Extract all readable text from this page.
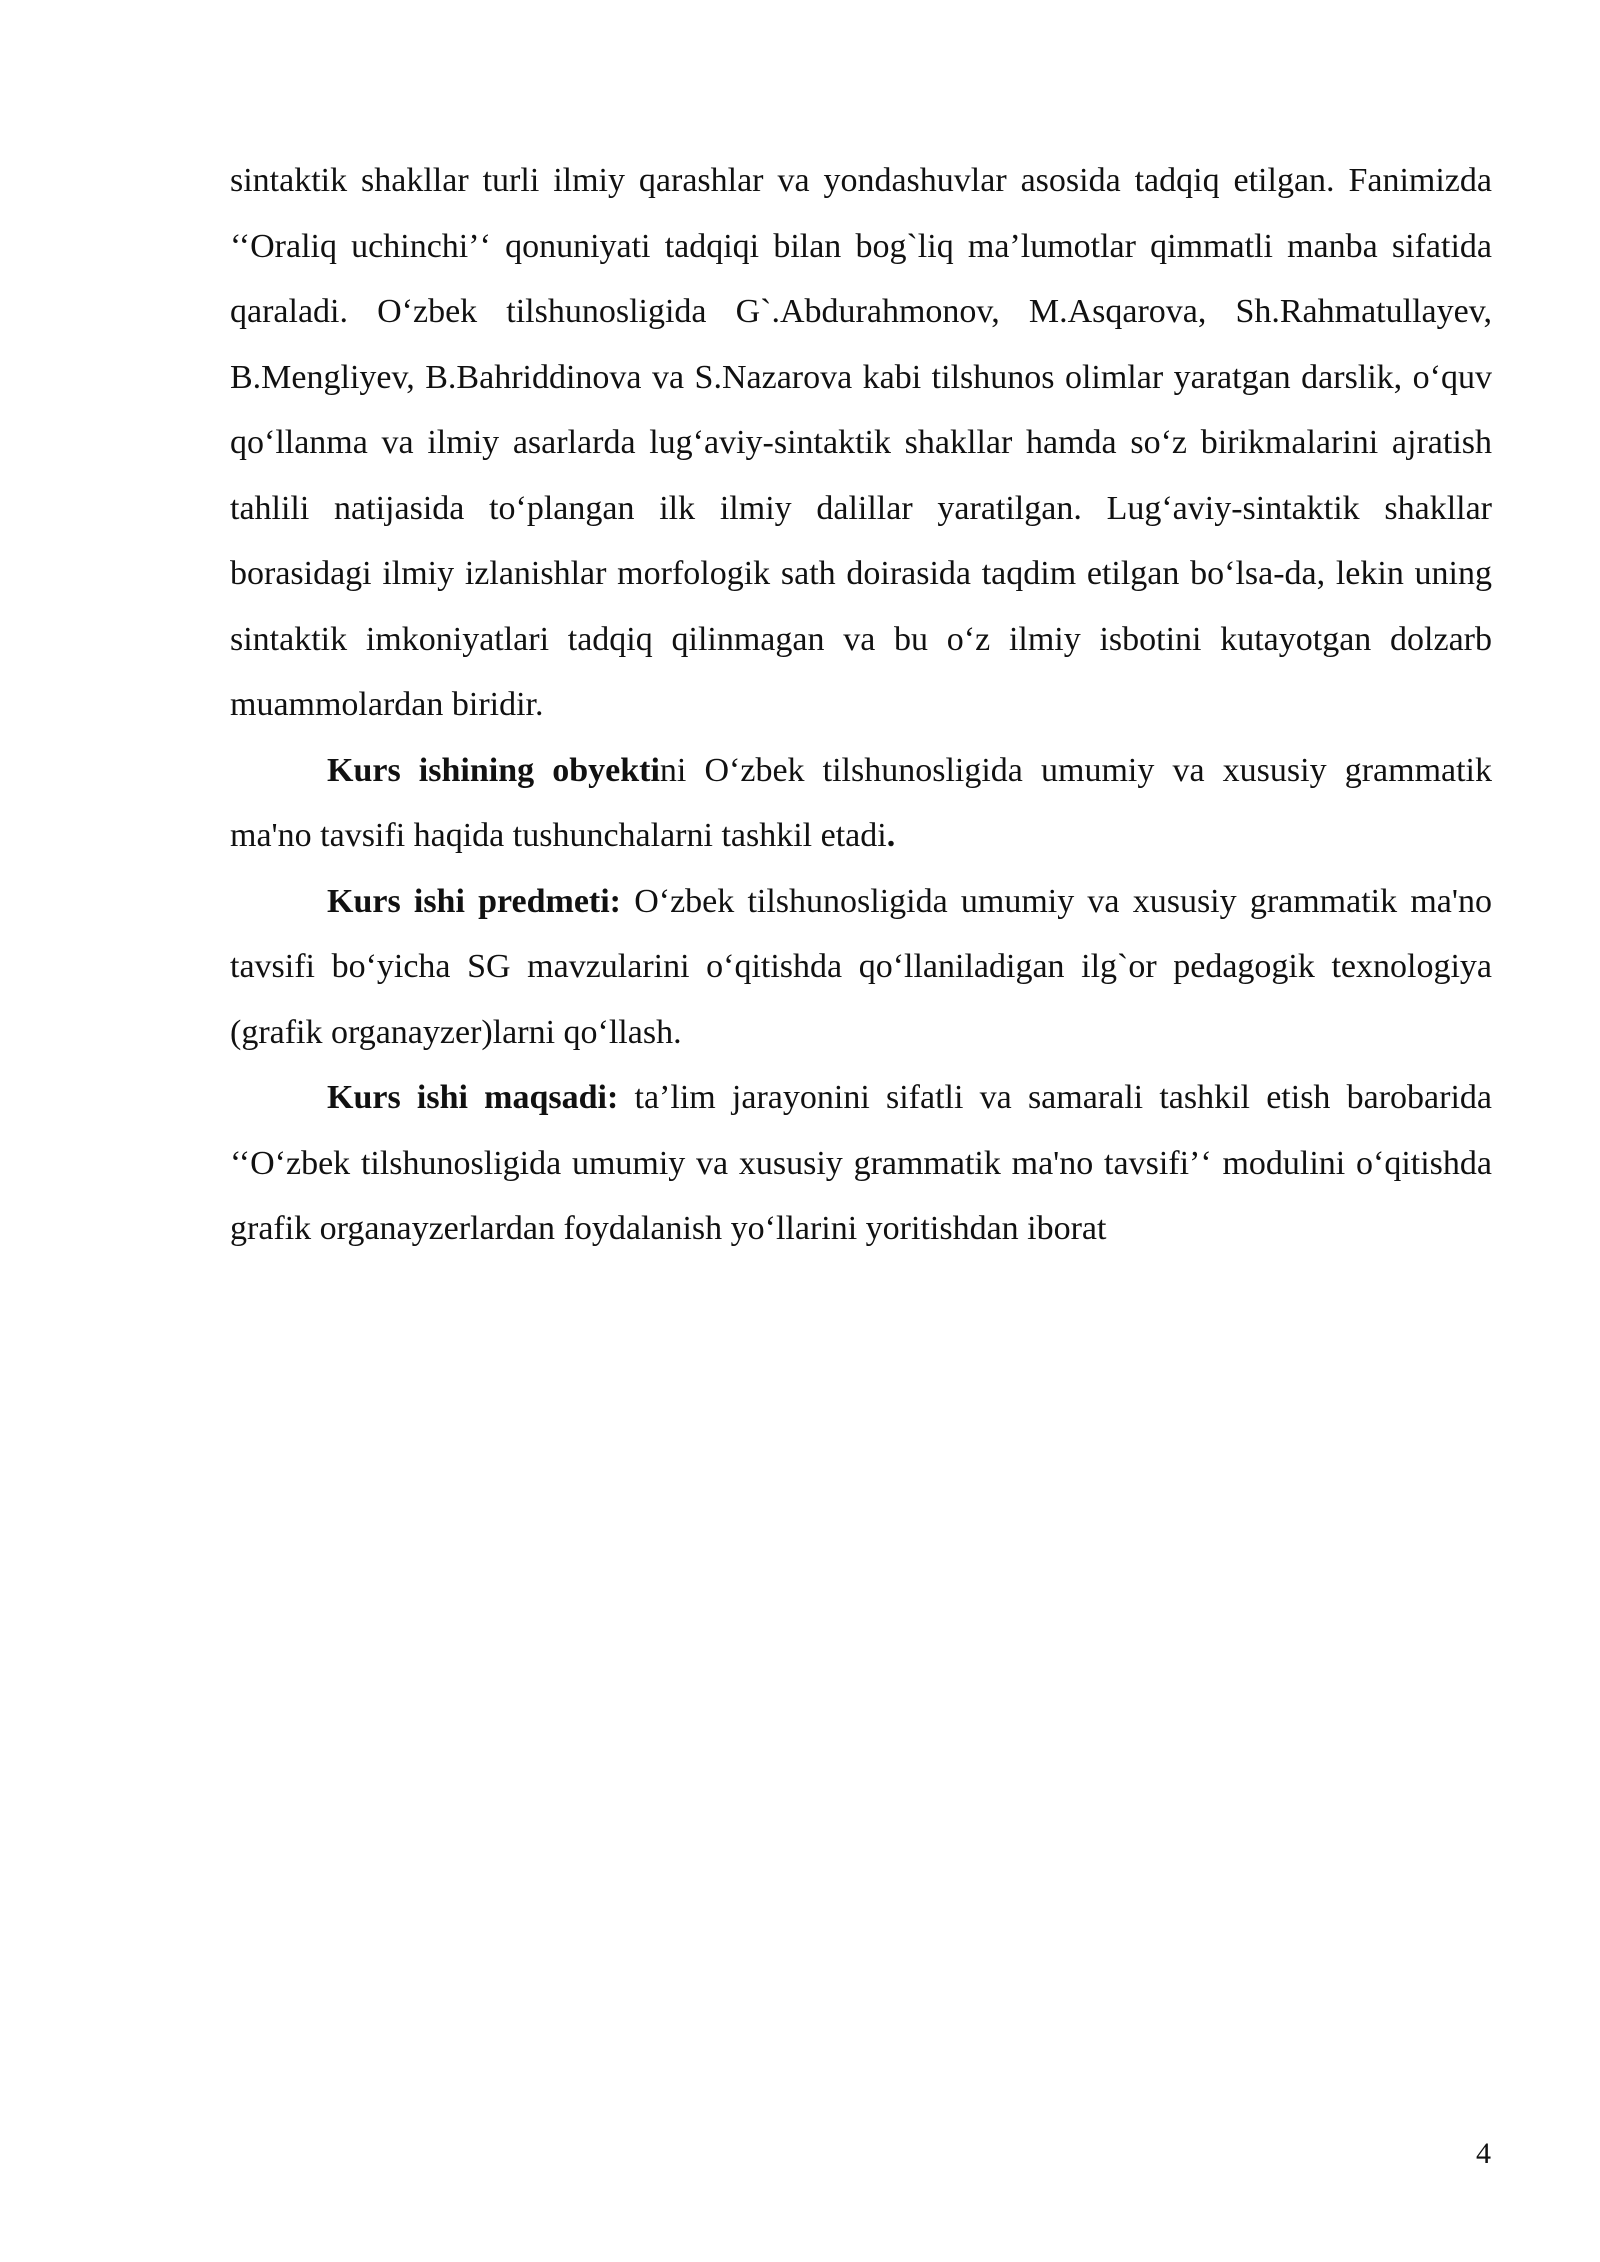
sintaktik shakllar turli ilmiy qarashlar va yondashuvlar asosida tadqiq etilgan. Fanimizda ‘‘Oraliq uchinchi’‘ qonuniyati tadqiqi bilan bog`liq ma’lumotlar qimmatli manba sifatida qaraladi. O‘zbek tilshunosligida G`.Abdurahmonov, M.Asqarova, Sh.Rahmatullayev, B.Mengliyev, B.Bahriddinova va S.Nazarova kabi tilshunos olimlar yaratgan darslik, o‘quv qo‘llanma va ilmiy asarlarda lug‘aviy-sintaktik shakllar hamda so‘z birikmalarini ajratish tahlili natijasida to‘plangan ilk ilmiy dalillar yaratilgan. Lug‘aviy-sintaktik shakllar borasidagi ilmiy izlanishlar morfologik sath doirasida taqdim etilgan bo‘lsa-da, lekin uning sintaktik imkoniyatlari tadqiq qilinmagan va bu o‘z ilmiy isbotini kutayotgan dolzarb muammolardan biridir.

Kurs ishining obyektini O‘zbek tilshunosligida umumiy va xususiy grammatik ma'no tavsifi haqida tushunchalarni tashkil etadi.

Kurs ishi predmeti: O‘zbek tilshunosligida umumiy va xususiy grammatik ma'no tavsifi bo‘yicha SG mavzularini o‘qitishda qo‘llaniladigan ilg`or pedagogik texnologiya (grafik organayzer)larni qo‘llash.

Kurs ishi maqsadi: ta’lim jarayonini sifatli va samarali tashkil etish barobarida ‘‘O‘zbek tilshunosligida umumiy va xususiy grammatik ma'no tavsifi’‘ modulini o‘qitishda grafik organayzerlardan foydalanish yo‘llarini yoritishdan iborat

4
